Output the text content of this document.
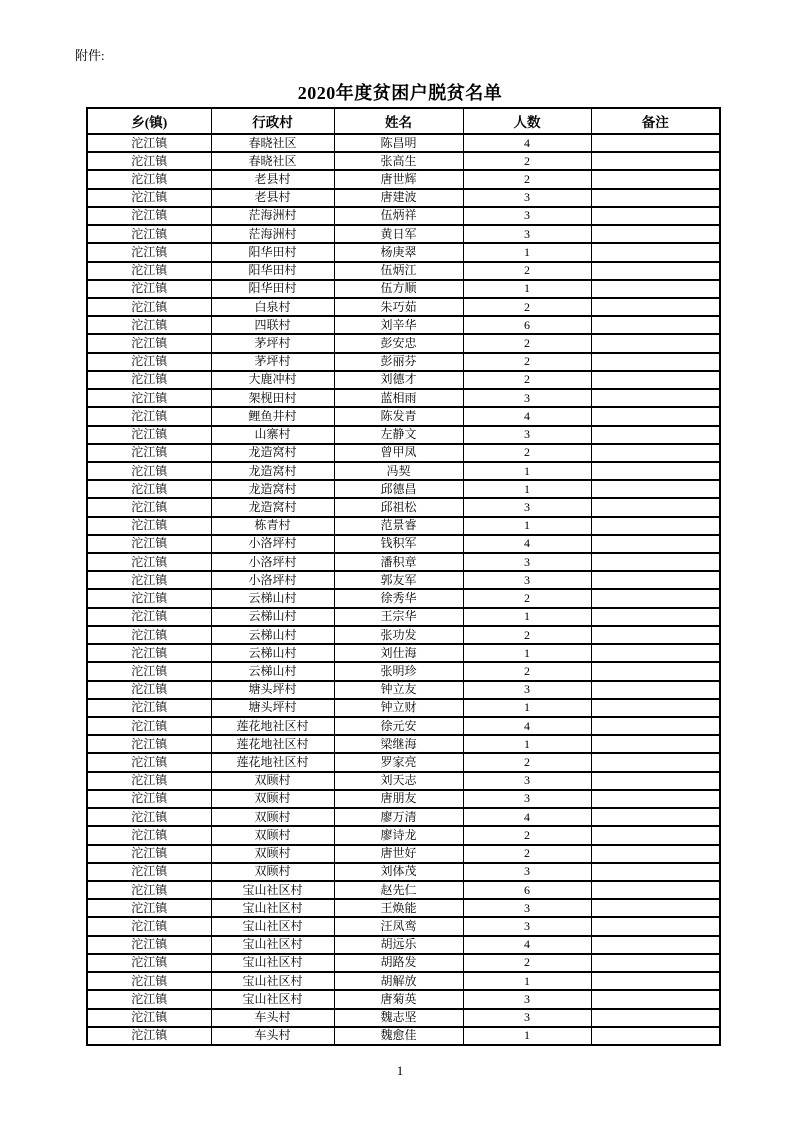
附件:
2020年度贫困户脱贫名单
乡(镇)	行政村	姓名	人数	备注
沱江镇	春晓社区	陈昌明	4	
沱江镇	春晓社区	张高生	2	
沱江镇	老县村	唐世辉	2	
沱江镇	老县村	唐建波	3	
沱江镇	茫海洲村	伍炳祥	3	
沱江镇	茫海洲村	黄日军	3	
沱江镇	阳华田村	杨庚翠	1	
沱江镇	阳华田村	伍炳江	2	
沱江镇	阳华田村	伍方顺	1	
沱江镇	白泉村	朱巧茹	2	
沱江镇	四联村	刘辛华	6	
沱江镇	茅坪村	彭安忠	2	
沱江镇	茅坪村	彭丽芬	2	
沱江镇	大鹿冲村	刘德才	2	
沱江镇	架枧田村	蓝相雨	3	
沱江镇	鲤鱼井村	陈发青	4	
沱江镇	山寨村	左静文	3	
沱江镇	龙造窝村	曾甲凤	2	
沱江镇	龙造窝村	冯契	1	
沱江镇	龙造窝村	邱德昌	1	
沱江镇	龙造窝村	邱祖松	3	
沱江镇	栋青村	范景睿	1	
沱江镇	小洛坪村	钱积军	4	
沱江镇	小洛坪村	潘积章	3	
沱江镇	小洛坪村	郭友军	3	
沱江镇	云梯山村	徐秀华	2	
沱江镇	云梯山村	王宗华	1	
沱江镇	云梯山村	张功发	2	
沱江镇	云梯山村	刘仕海	1	
沱江镇	云梯山村	张明珍	2	
沱江镇	塘头坪村	钟立友	3	
沱江镇	塘头坪村	钟立财	1	
沱江镇	莲花地社区村	徐元安	4	
沱江镇	莲花地社区村	梁继海	1	
沱江镇	莲花地社区村	罗家亮	2	
沱江镇	双顾村	刘天志	3	
沱江镇	双顾村	唐朋友	3	
沱江镇	双顾村	廖万清	4	
沱江镇	双顾村	廖诗龙	2	
沱江镇	双顾村	唐世好	2	
沱江镇	双顾村	刘体茂	3	
沱江镇	宝山社区村	赵先仁	6	
沱江镇	宝山社区村	王焕能	3	
沱江镇	宝山社区村	汪凤鸾	3	
沱江镇	宝山社区村	胡远乐	4	
沱江镇	宝山社区村	胡路发	2	
沱江镇	宝山社区村	胡解放	1	
沱江镇	宝山社区村	唐菊英	3	
沱江镇	车头村	魏志坚	3	
沱江镇	车头村	魏愈佳	1	
1
